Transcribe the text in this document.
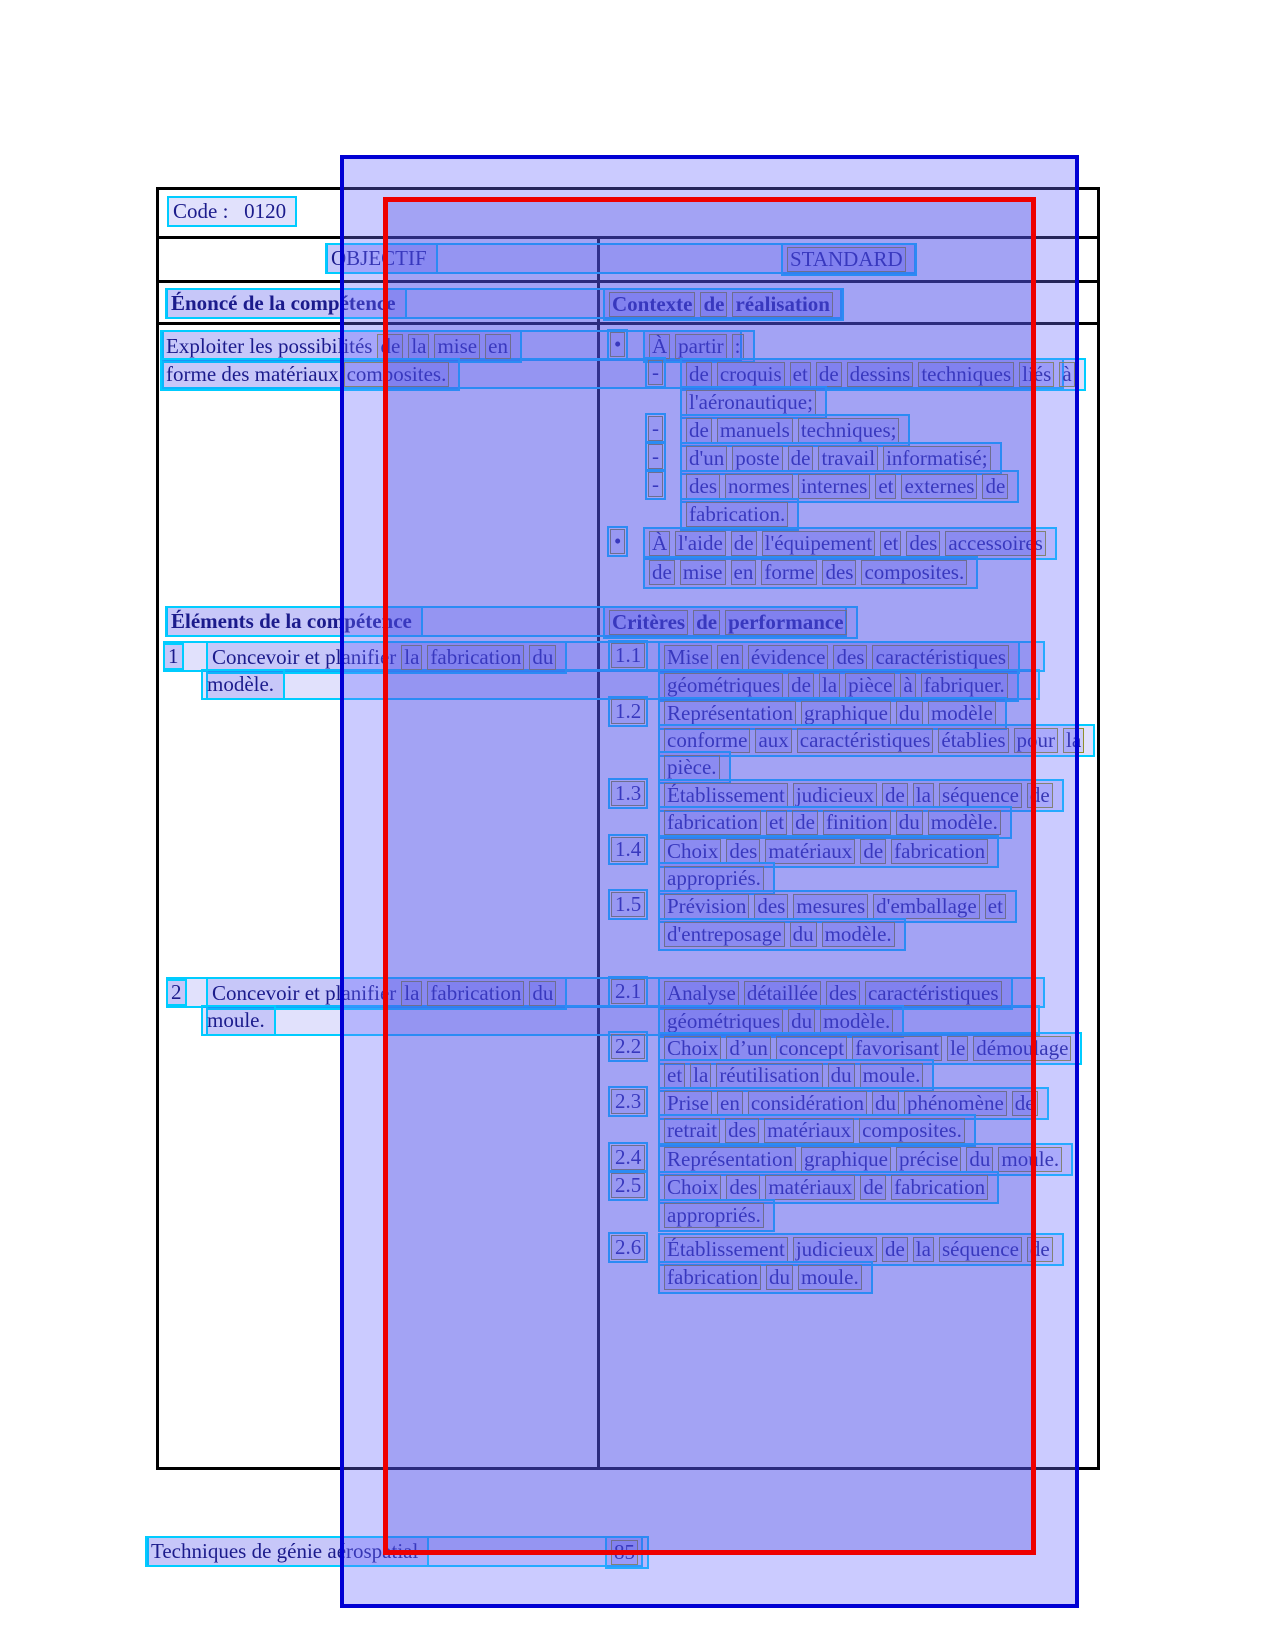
Code :   0120
OBJECTIF	STANDARD
Énoncé de la compétence	Contexte de réalisation
Exploiter les possibilités de la mise en	•	À partir :
forme des matériaux composites.	-	de croquis et de dessins techniques liés à
l'aéronautique;
-	de manuels techniques;
-	d'un poste de travail informatisé;
-	des normes internes et externes de
fabrication.
•	À l'aide de l'équipement et des accessoires
de mise en forme des composites.
Éléments de la compétence	Critères de performance
1 Concevoir et planifier la fabrication du	1.1	Mise en évidence des caractéristiques
modèle.	géométriques de la pièce à fabriquer.
1.2	Représentation graphique du modèle
conforme aux caractéristiques établies pour la
pièce.
1.3	Établissement judicieux de la séquence de
fabrication et de finition du modèle.
1.4	Choix des matériaux de fabrication
appropriés.
1.5	Prévision des mesures d'emballage et
d'entreposage du modèle.
2 Concevoir et planifier la fabrication du	2.1	Analyse détaillée des caractéristiques
moule.	géométriques du modèle.
2.2	Choix d’un concept favorisant le démoulage
et la réutilisation du moule.
2.3	Prise en considération du phénomène de
retrait des matériaux composites.
2.4	Représentation graphique précise du moule.
2.5	Choix des matériaux de fabrication
appropriés.
2.6	Établissement judicieux de la séquence de
fabrication du moule.
Techniques de génie aérospatial	85
